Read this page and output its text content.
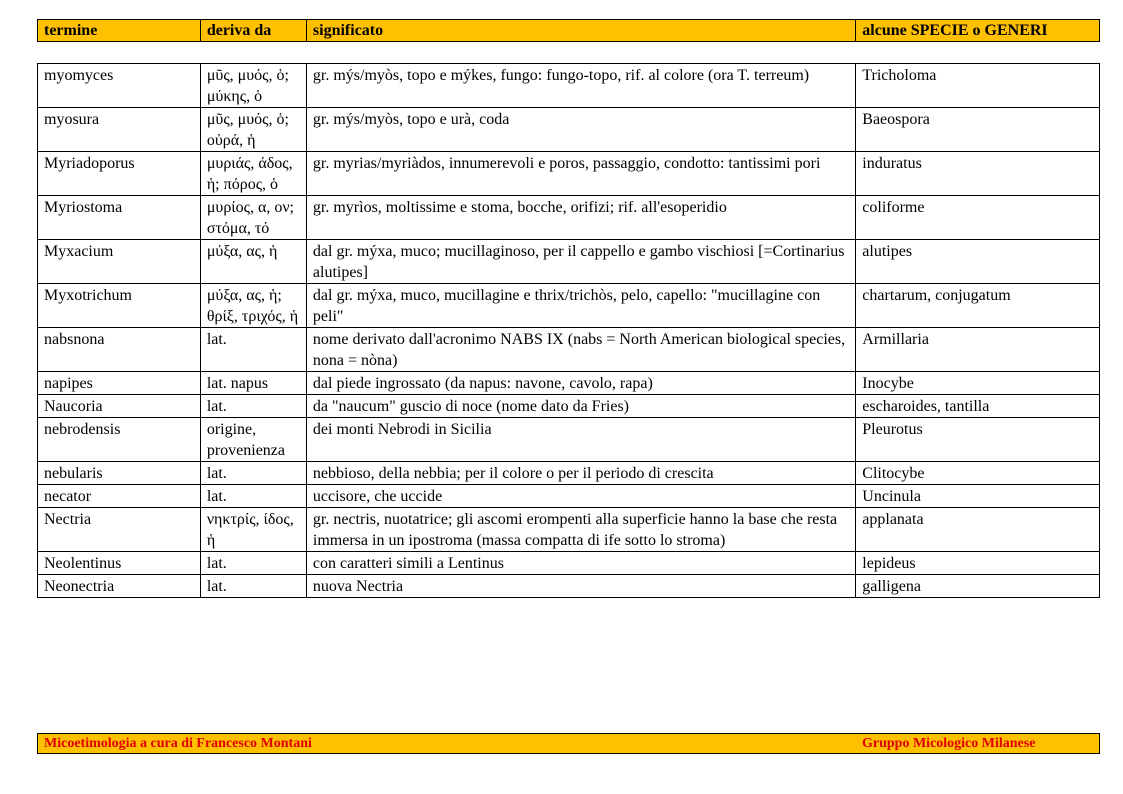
termine	deriva da	significato	alcune SPECIE o GENERI
myomyces	μῦς, μυός, ὁ; μύκης, ὁ	gr. mýs/myòs, topo e mýkes, fungo: fungo-topo, rif. al colore (ora T. terreum)	Tricholoma
myosura	μῦς, μυός, ὁ; οὐρά, ἡ	gr. mýs/myòs, topo e urà, coda	Baeospora
Myriadoporus	μυριάς, άδος, ἡ; πόρος, ὁ	gr. myrias/myriàdos, innumerevoli e poros, passaggio, condotto: tantissimi pori	induratus
Myriostoma	μυρίος, α, ον; στόμα, τό	gr. myrìos, moltissime e stoma, bocche, orifizi; rif. all'esoperidio	coliforme
Myxacium	μύξα, ας, ἡ	dal gr. mýxa, muco; mucillaginoso, per il cappello e gambo vischiosi [=Cortinarius alutipes]	alutipes
Myxotrichum	μύξα, ας, ἡ; θρίξ, τριχός, ἡ	dal gr. mýxa, muco, mucillagine e thrix/trichòs, pelo, capello: "mucillagine con peli"	chartarum, conjugatum
nabsnona	lat.	nome derivato dall'acronimo NABS IX (nabs = North American biological species, nona = nòna)	Armillaria
napipes	lat. napus	dal piede ingrossato (da napus: navone, cavolo, rapa)	Inocybe
Naucoria	lat.	da "naucum" guscio di noce (nome dato da Fries)	escharoides, tantilla
nebrodensis	origine, provenienza	dei monti Nebrodi in Sicilia	Pleurotus
nebularis	lat.	nebbioso, della nebbia; per il colore o per il periodo di crescita	Clitocybe
necator	lat.	uccisore, che uccide	Uncinula
Nectria	νηκτρίς, ίδος, ἡ	gr. nectris, nuotatrice; gli ascomi erompenti alla superficie hanno la base che resta immersa in un ipostroma (massa compatta di ife sotto lo stroma)	applanata
Neolentinus	lat.	con caratteri simili a Lentinus	lepideus
Neonectria	lat.	nuova Nectria	galligena
Micoetimologia a cura di Francesco Montani	Gruppo Micologico Milanese
